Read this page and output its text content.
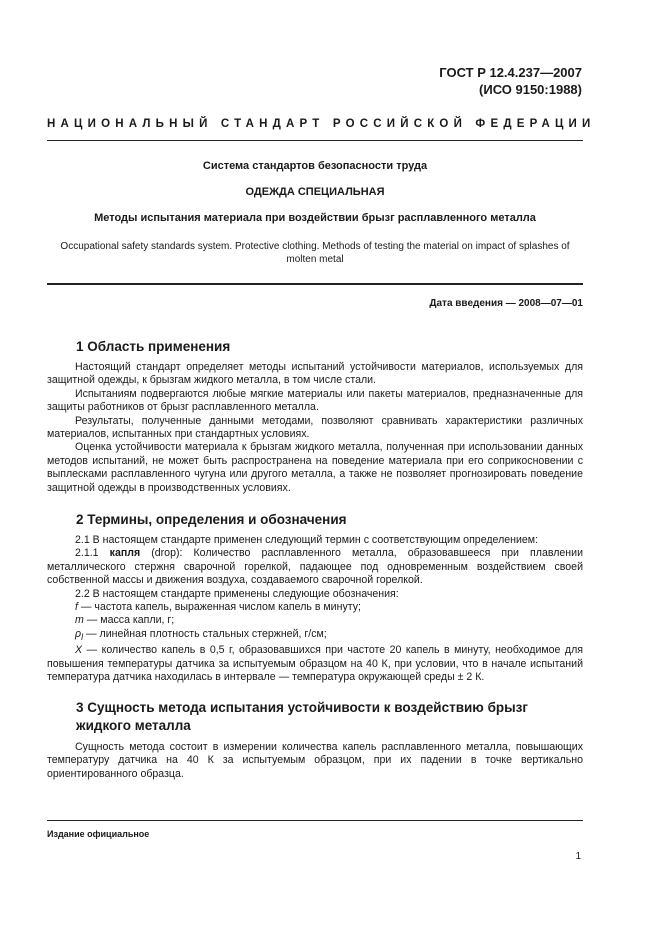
ГОСТ Р 12.4.237—2007
(ИСО 9150:1988)
НАЦИОНАЛЬНЫЙ СТАНДАРТ РОССИЙСКОЙ ФЕДЕРАЦИИ
Система стандартов безопасности труда
ОДЕЖДА СПЕЦИАЛЬНАЯ
Методы испытания материала при воздействии брызг расплавленного металла
Occupational safety standards system. Protective clothing. Methods of testing the material on impact of splashes of molten metal
Дата введения — 2008—07—01
1 Область применения

Настоящий стандарт определяет методы испытаний устойчивости материалов, используемых для защитной одежды, к брызгам жидкого металла, в том числе стали.

Испытаниям подвергаются любые мягкие материалы или пакеты материалов, предназначенные для защиты работников от брызг расплавленного металла.

Результаты, полученные данными методами, позволяют сравнивать характеристики различных материалов, испытанных при стандартных условиях.

Оценка устойчивости материала к брызгам жидкого металла, полученная при использовании данных методов испытаний, не может быть распространена на поведение материала при его соприкосновении с выплесками расплавленного чугуна или другого металла, а также не позволяет прогнозировать поведение защитной одежды в производственных условиях.

2 Термины, определения и обозначения

2.1 В настоящем стандарте применен следующий термин с соответствующим определением:

2.1.1 капля (drop): Количество расплавленного металла, образовавшееся при плавлении металлического стержня сварочной горелкой, падающее под одновременным воздействием своей собственной массы и движения воздуха, создаваемого сварочной горелкой.

2.2 В настоящем стандарте применены следующие обозначения:

f — частота капель, выраженная числом капель в минуту;

m — масса капли, г;

$\rho_l$ — линейная плотность стальных стержней, г/см;

X — количество капель в 0,5 г, образовавшихся при частоте 20 капель в минуту, необходимое для повышения температуры датчика за испытуемым образцом на 40 К, при условии, что в начале испытаний температура датчика находилась в интервале — температура окружающей среды ± 2 К.

3 Сущность метода испытания устойчивости к воздействию брызг
жидкого металла

Сущность метода состоит в измерении количества капель расплавленного металла, повышающих температуру датчика на 40 К за испытуемым образцом, при их падении в точке вертикально ориентированного образца.

Издание официальное
1
